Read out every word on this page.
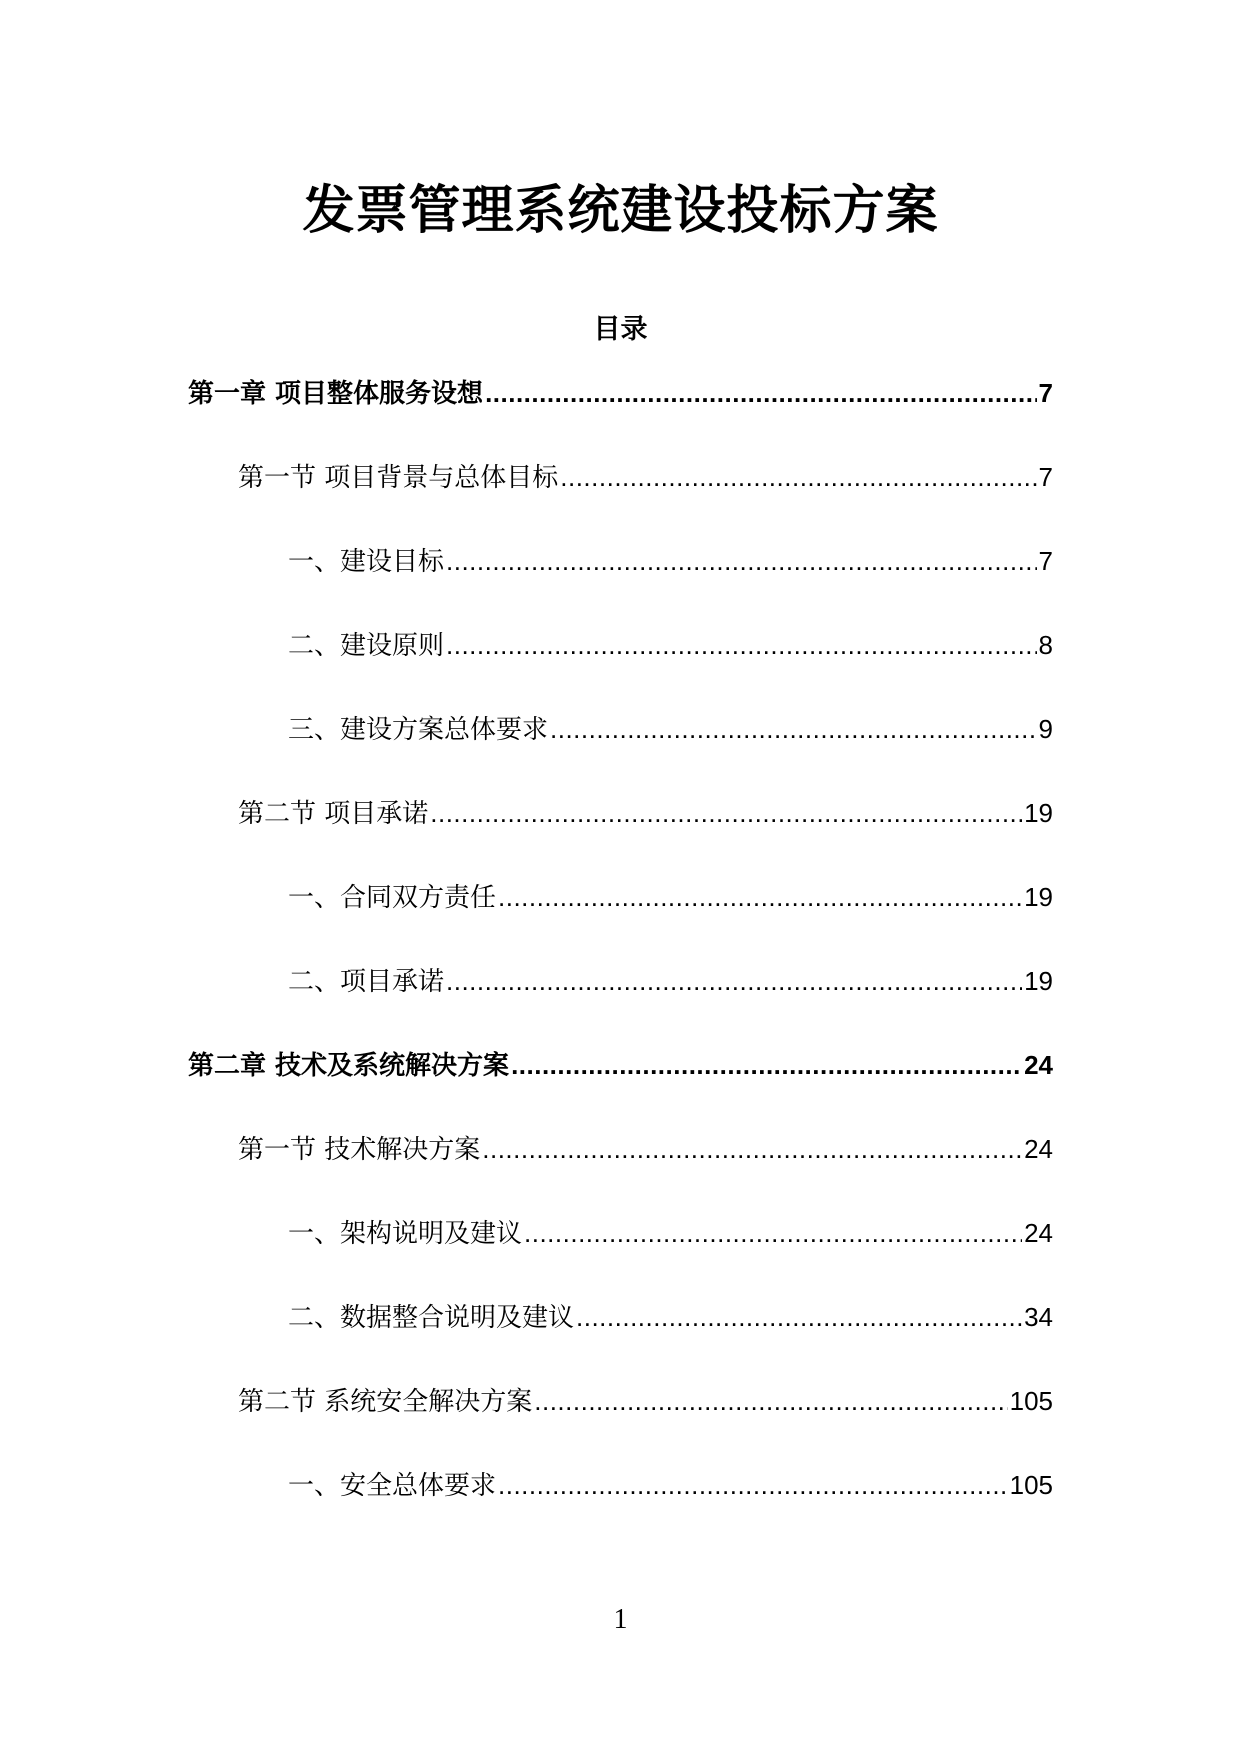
发票管理系统建设投标方案
目录
第一章 项目整体服务设想 .....	7
第一节 项目背景与总体目标 .....	7
一、建设目标 .....	7
二、建设原则 .....	8
三、建设方案总体要求 .....	9
第二节 项目承诺 .....	19
一、合同双方责任 .....	19
二、项目承诺 .....	19
第二章 技术及系统解决方案 .....	24
第一节 技术解决方案 .....	24
一、架构说明及建议 .....	24
二、数据整合说明及建议 .....	34
第二节 系统安全解决方案 .....	105
一、安全总体要求 .....	105
1
